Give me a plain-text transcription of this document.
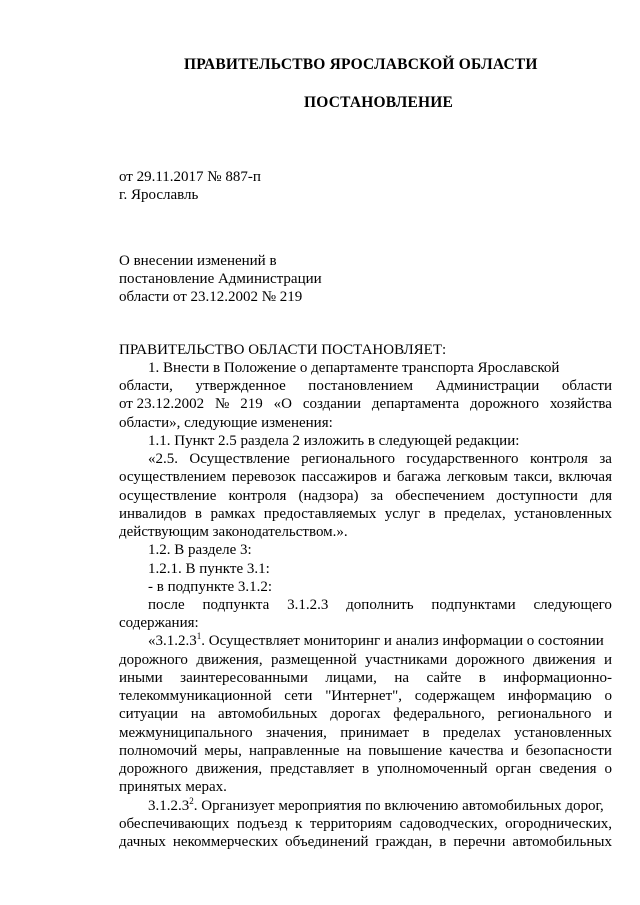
ПРАВИТЕЛЬСТВО ЯРОСЛАВСКОЙ ОБЛАСТИ
ПОСТАНОВЛЕНИЕ
от 29.11.2017 № 887-п
г. Ярославль
О внесении изменений в
постановление Администрации
области от 23.12.2002 № 219
ПРАВИТЕЛЬСТВО ОБЛАСТИ ПОСТАНОВЛЯЕТ:
1. Внести в Положение о департаменте транспорта Ярославской
области, утвержденное постановлением Администрации области
от 23.12.2002 № 219 «О создании департамента дорожного хозяйства
области», следующие изменения:
1.1. Пункт 2.5 раздела 2 изложить в следующей редакции:
«2.5. Осуществление регионального государственного контроля за
осуществлением перевозок пассажиров и багажа легковым такси, включая
осуществление контроля (надзора) за обеспечением доступности для
инвалидов в рамках предоставляемых услуг в пределах, установленных
действующим законодательством.».
1.2. В разделе 3:
1.2.1. В пункте 3.1:
- в подпункте 3.1.2:
после подпункта 3.1.2.3 дополнить подпунктами следующего
содержания:
«3.1.2.3$^1$. Осуществляет мониторинг и анализ информации о состоянии
дорожного движения, размещенной участниками дорожного движения и
иными заинтересованными лицами, на сайте в информационно-
телекоммуникационной сети "Интернет", содержащем информацию о
ситуации на автомобильных дорогах федерального, регионального и
межмуниципального значения, принимает в пределах установленных
полномочий меры, направленные на повышение качества и безопасности
дорожного движения, представляет в уполномоченный орган сведения о
принятых мерах.
3.1.2.3$^2$. Организует мероприятия по включению автомобильных дорог,
обеспечивающих подъезд к территориям садоводческих, огороднических,
дачных некоммерческих объединений граждан, в перечни автомобильных
